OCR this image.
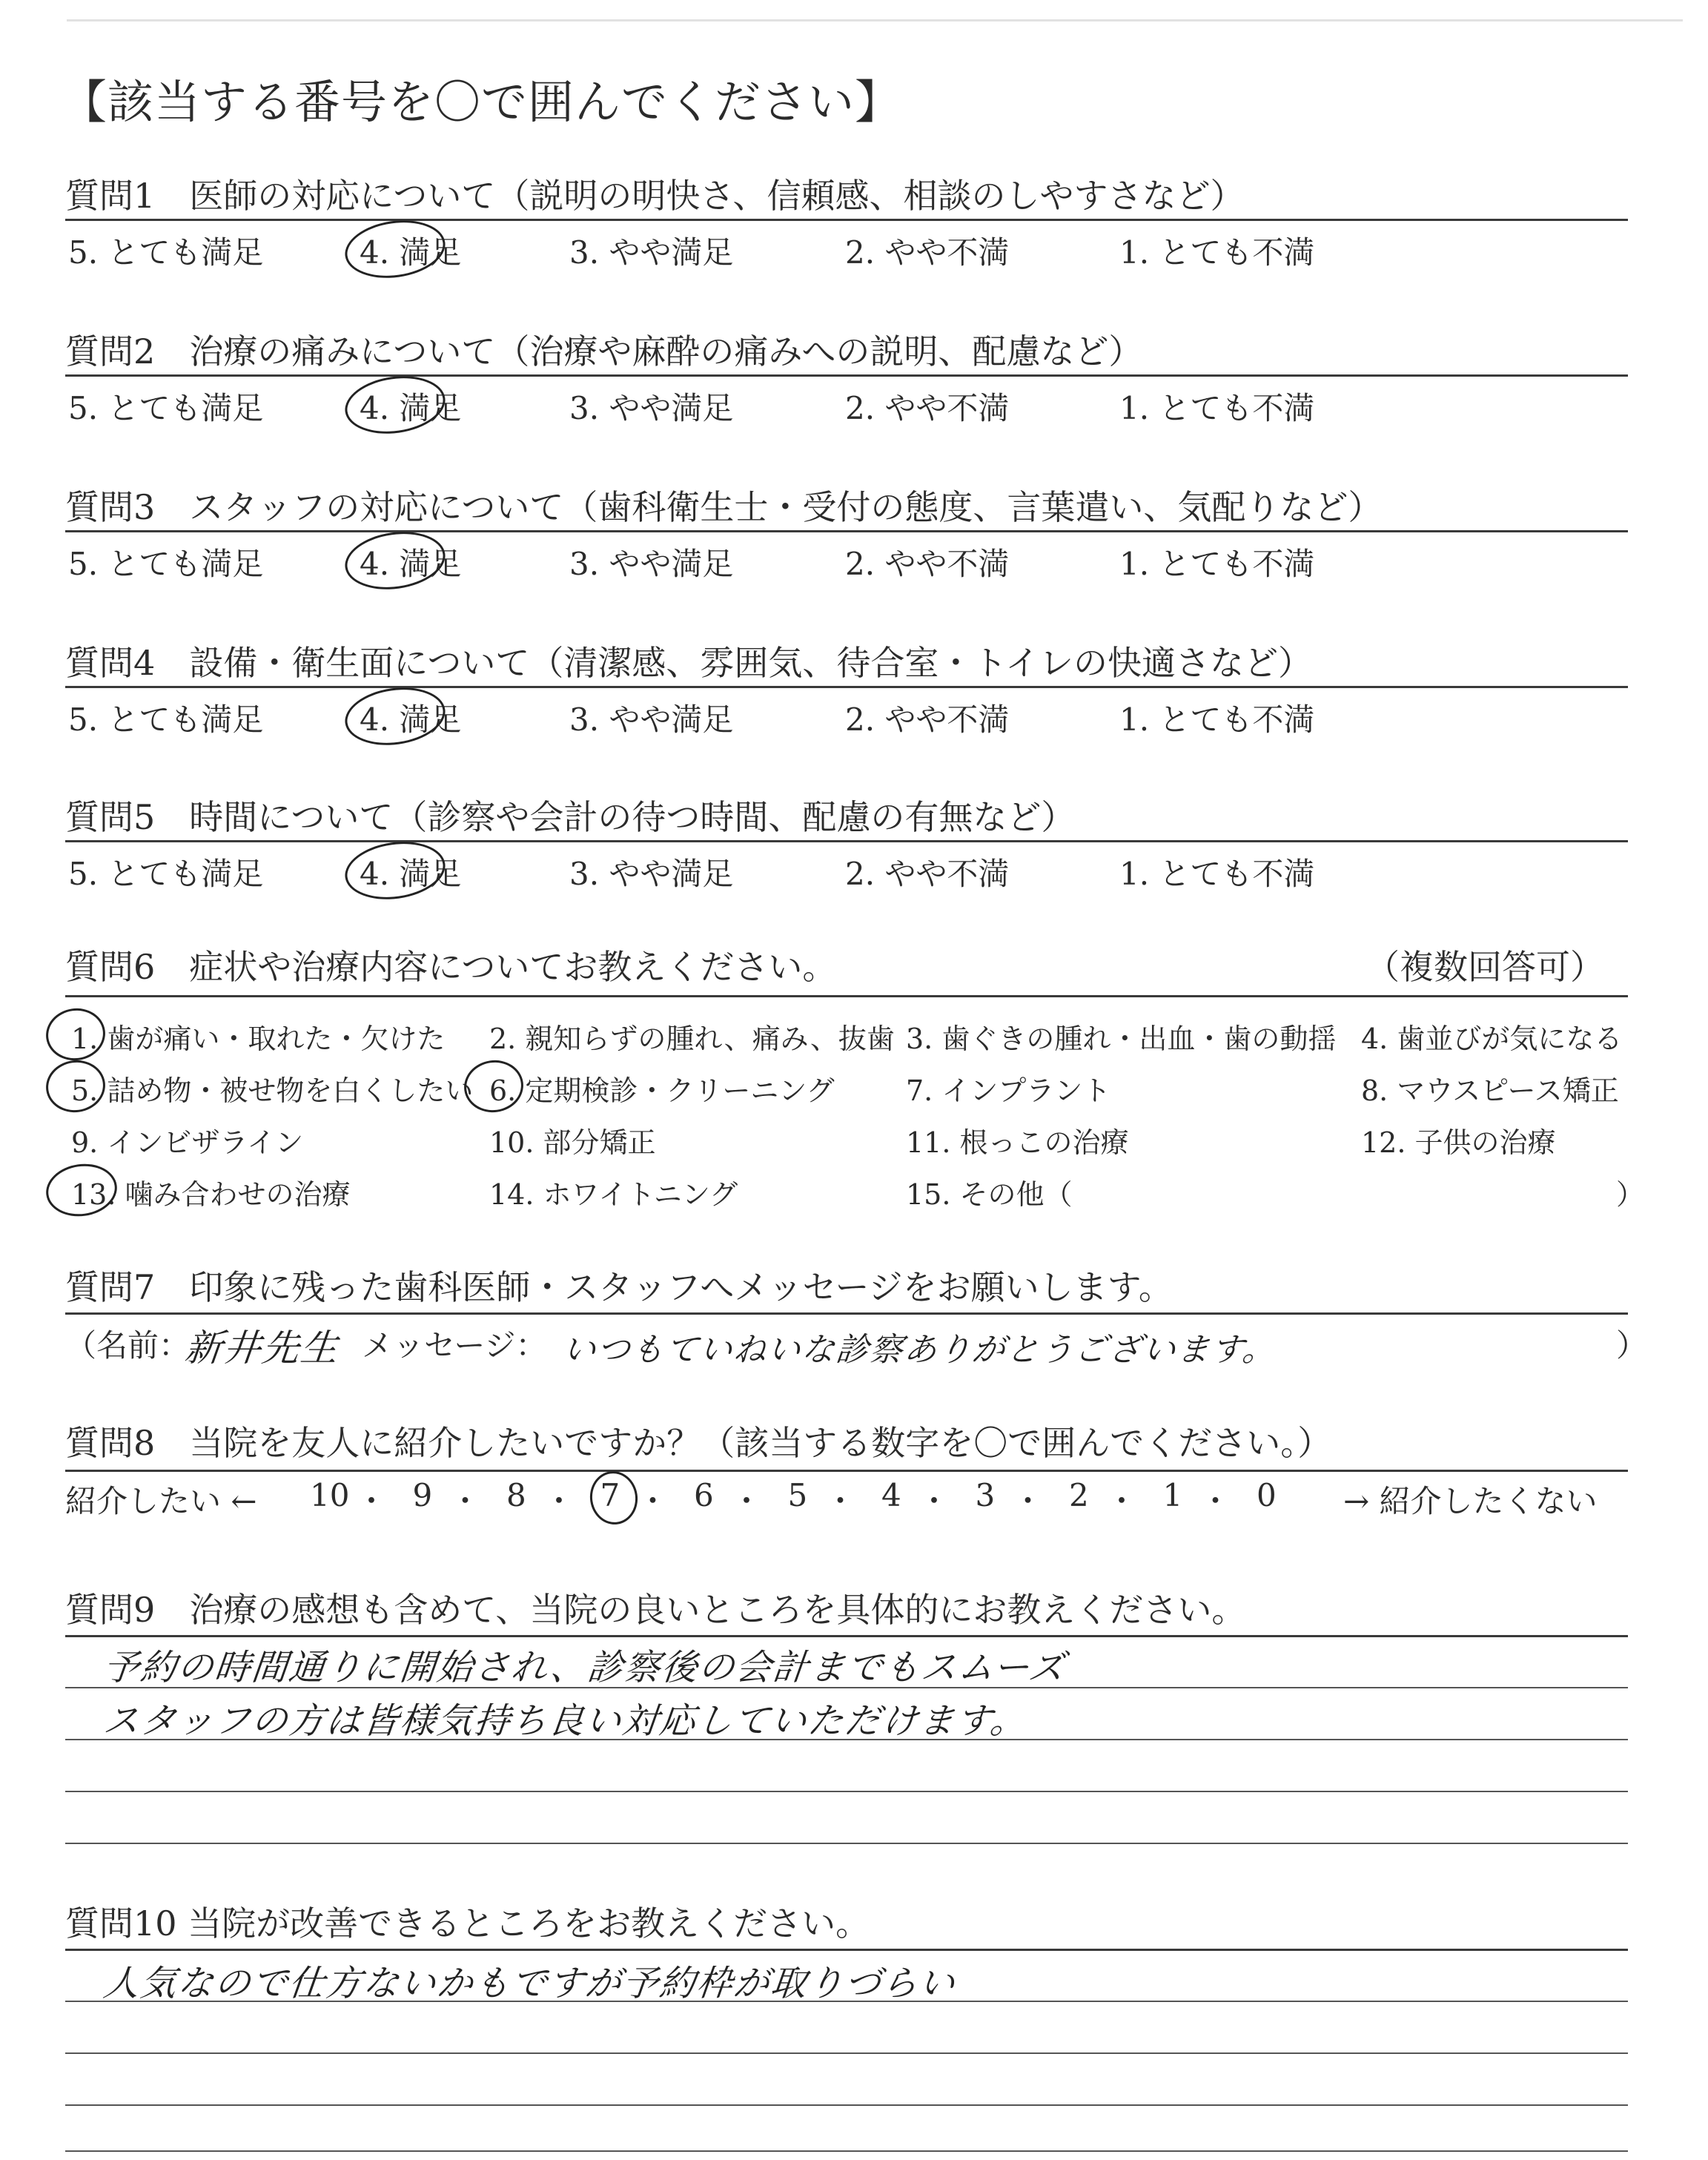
【該当する番号を〇で囲んでください】
質問1　医師の対応について（説明の明快さ、信頼感、相談のしやすさなど）
5. とても満足	4. 満足	3. やや満足	2. やや不満	1. とても不満
質問2　治療の痛みについて（治療や麻酔の痛みへの説明、配慮など）
5. とても満足	4. 満足	3. やや満足	2. やや不満	1. とても不満
質問3　スタッフの対応について（歯科衛生士・受付の態度、言葉遣い、気配りなど）
5. とても満足	4. 満足	3. やや満足	2. やや不満	1. とても不満
質問4　設備・衛生面について（清潔感、雰囲気、待合室・トイレの快適さなど）
5. とても満足	4. 満足	3. やや満足	2. やや不満	1. とても不満
質問5　時間について（診察や会計の待つ時間、配慮の有無など）
5. とても満足	4. 満足	3. やや満足	2. やや不満	1. とても不満
質問6　症状や治療内容についてお教えください。	（複数回答可）
1. 歯が痛い・取れた・欠けた 2. 親知らずの腫れ、痛み、抜歯 3. 歯ぐきの腫れ・出血・歯の動揺 4. 歯並びが気になる
5. 詰め物・被せ物を白くしたい 6. 定期検診・クリーニング	7. インプラント	8. マウスピース矯正
9. インビザライン	10. 部分矯正	11. 根っこの治療	12. 子供の治療
13. 噛み合わせの治療	14. ホワイトニング	15. その他（	）
質問7　印象に残った歯科医師・スタッフへメッセージをお願いします。
（名前：
新井先生 メッセージ： いつもていねいな診察ありがとうございます。	）
質問8　当院を友人に紹介したいですか？（該当する数字を〇で囲んでください。）
紹介したい ← 10 ・ 9 ・ 8 ・ 7 ・ 6 ・ 5 ・ 4 ・ 3 ・ 2 ・ 1 ・ 0 → 紹介したくない
質問9　治療の感想も含めて、当院の良いところを具体的にお教えください。
予約の時間通りに開始され、診察後の会計までもスムーズ
スタッフの方は皆様気持ち良い対応していただけます。
質問10 当院が改善できるところをお教えください。
人気なので仕方ないかもですが予約枠が取りづらい
